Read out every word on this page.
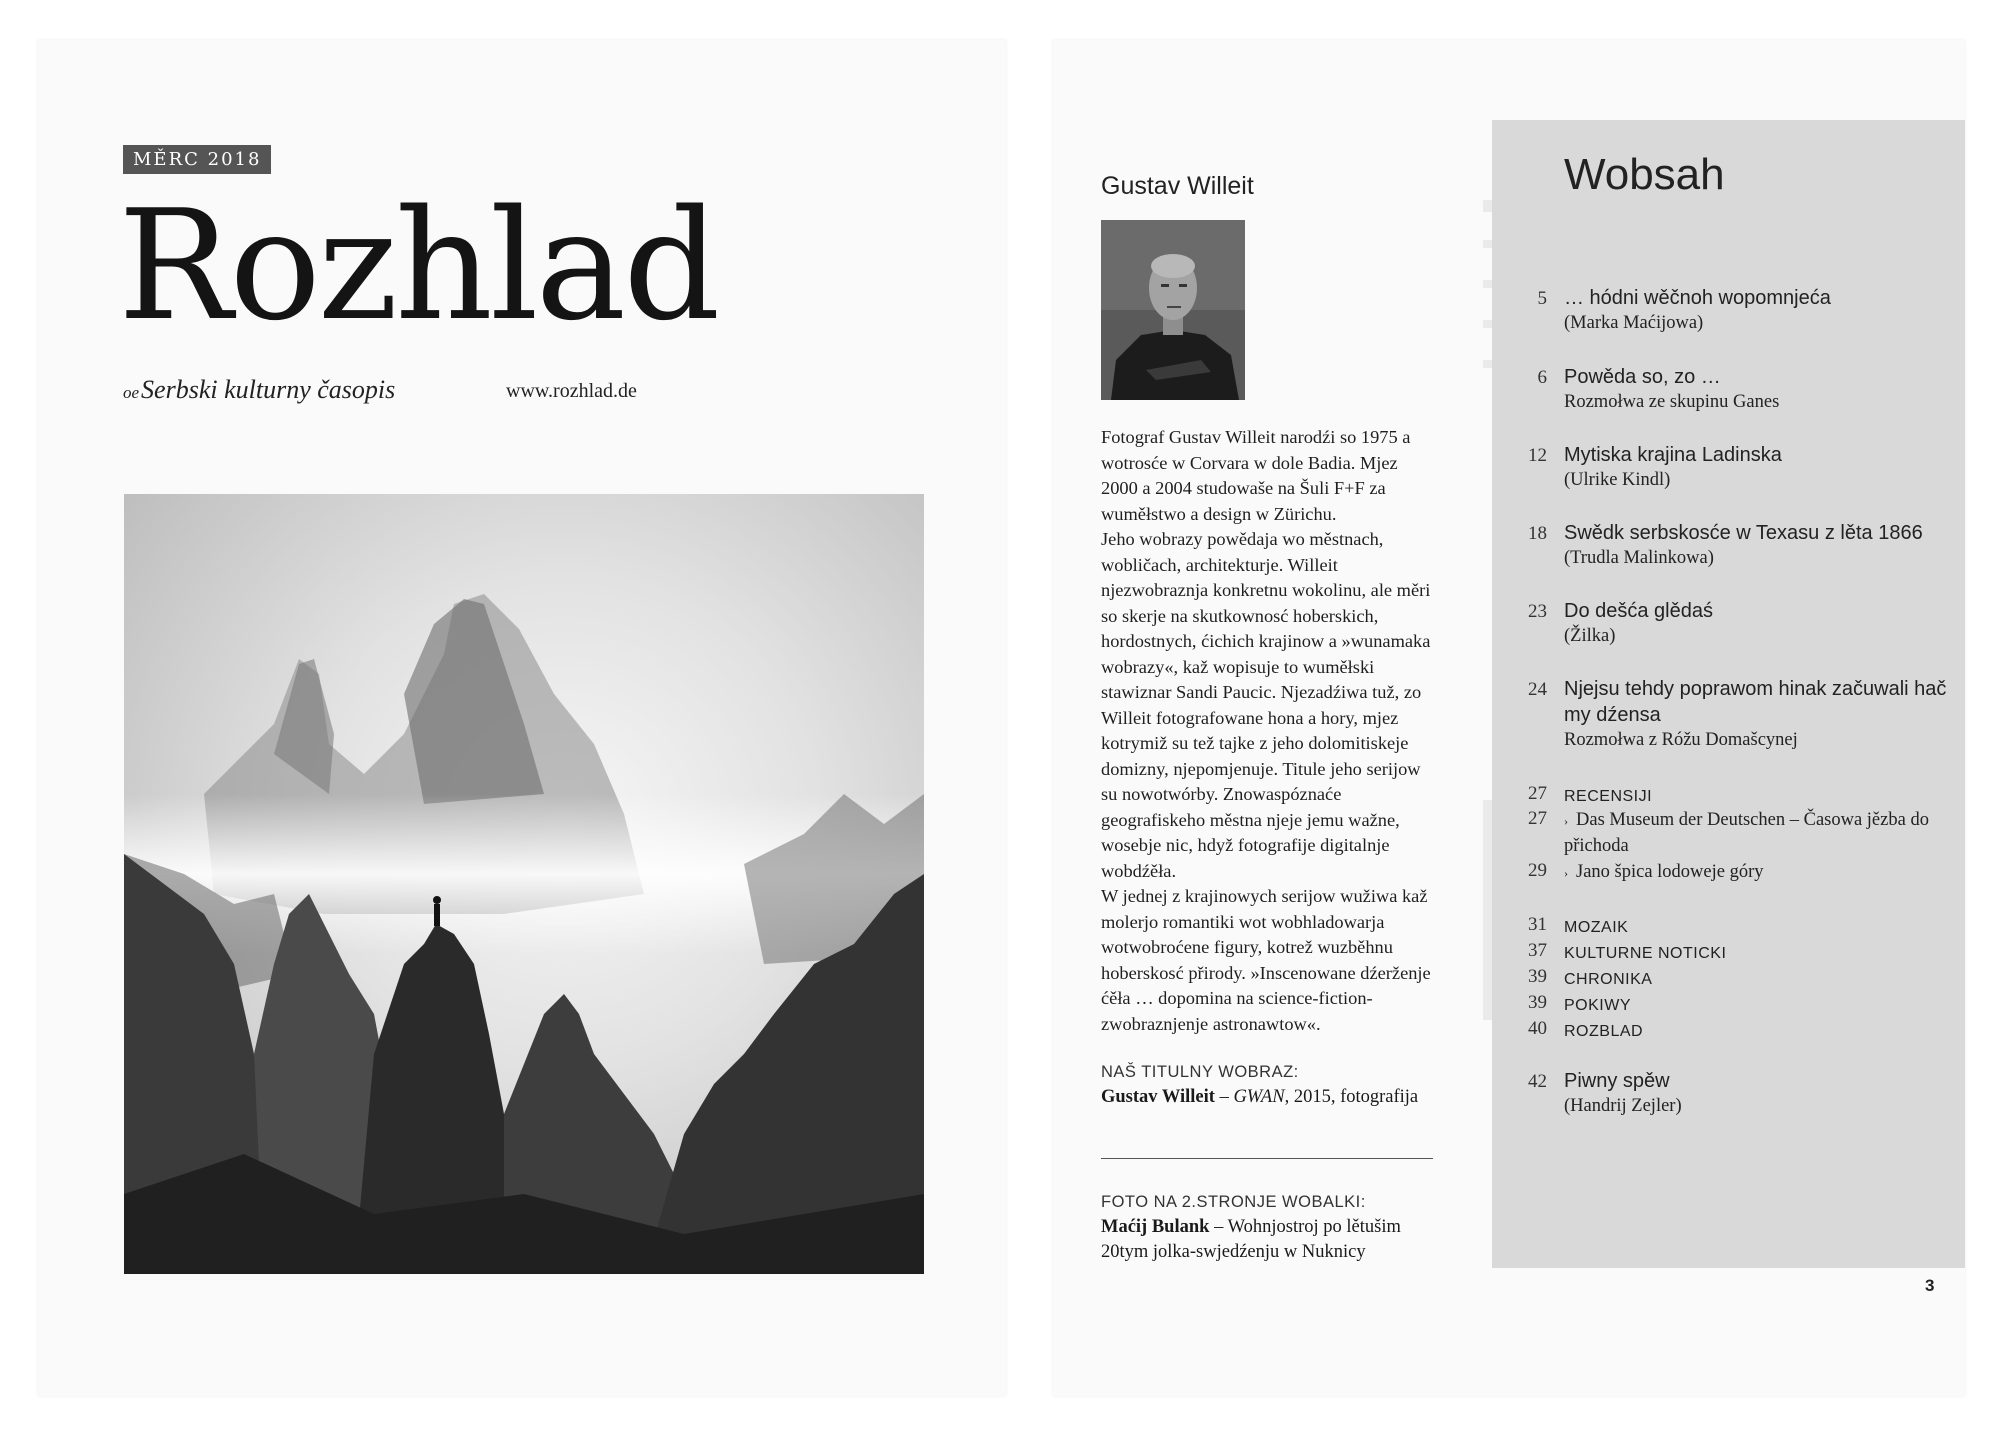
MĚRC 2018
Rozhlad
оеSerbski kulturny časopis	www.rozhlad.de
Gustav Willeit

Fotograf Gustav Willeit narodźi so 1975 a wotrosće w Corvara w dole Badia. Mjez 2000 a 2004 studowaše na Šuli F+F za wuměłstwo a design w Zürichu.

Jeho wobrazy powědaja wo městnach, wobličach, architekturje. Willeit njezwobraznja konkretnu wokolinu, ale měri so skerje na skutkownosć hoberskich, hordostnych, ćichich krajinow a »wunamaka wobrazy«, kaž wopisuje to wuměłski stawiznar Sandi Paucic. Njezadźiwa tuž, zo Willeit fotografowane hona a hory, mjez kotrymiž su tež tajke z jeho dolomitiskeje domizny, njepomjenuje. Titule jeho serijow su nowotwórby. Znowaspóznaće geografiskeho městna njeje jemu wažne, wosebje nic, hdyž fotografije digitalnje wobdźěła.

W jednej z krajinowych serijow wužiwa kaž molerjo romantiki wot wobhladowarja wotwobroćene figury, kotrež wuzběhnu hoberskosć přirody. »Inscenowane dźerženje ćěła … dopomina na science-fiction-zwobraznjenje astronawtow«.

NAŠ TITULNY WOBRAZ:
Gustav Willeit – GWAN, 2015, fotografija
FOTO NA 2.STRONJE WOBALKI:
Maćij Bulank – Wohnjostroj po lětušim 20tym jolka-swjedźenju w Nuknicy
Wobsah
5 … hódni wěčnoh wopomnjeća
(Marka Maćijowa)
6 Powěda so, zo …
Rozmołwa ze skupinu Ganes
12 Mytiska krajina Ladinska
(Ulrike Kindl)
18 Swědk serbskosće w Texasu z lěta 1866
(Trudla Malinkowa)
23 Do dešća glědaś
(Žilka)
24 Njejsu tehdy poprawom hinak začuwali hač my dźensa
Rozmołwa z Róžu Domašcynej
27 RECENSIJI
27 › Das Museum der Deutschen – Časowa jězba do přichoda
29 › Jano špica lodoweje góry
31 MOZAIK
37 KULTURNE NOTICKI
39 CHRONIKA
39 POKIWY
40 ROZBLAD
42 Piwny spěw
(Handrij Zejler)
3
